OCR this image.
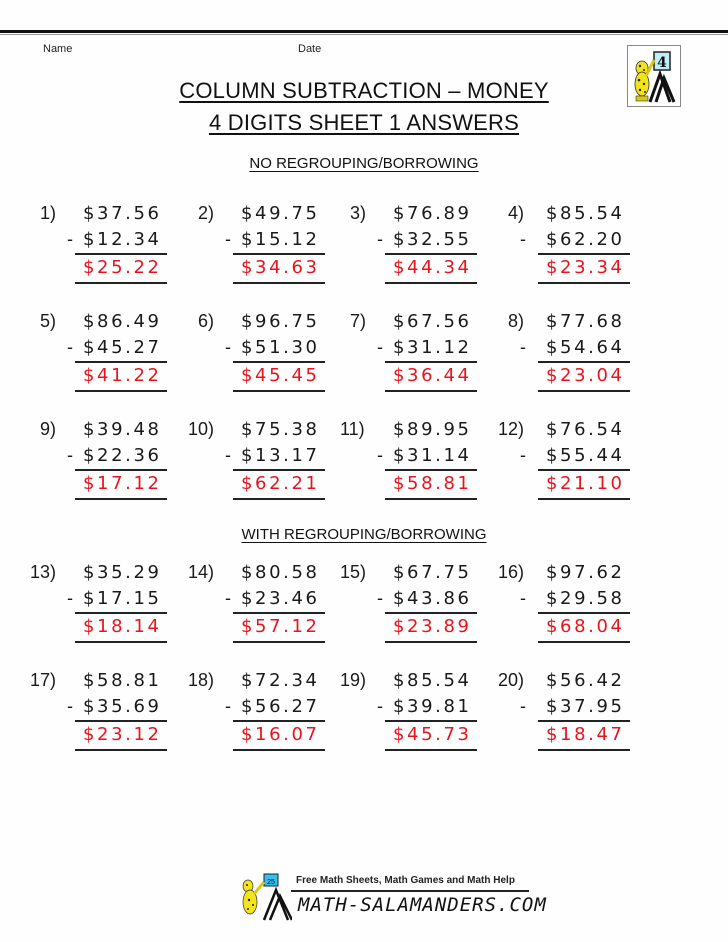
Name	Date
4
COLUMN SUBTRACTION – MONEY
4 DIGITS SHEET 1 ANSWERS
NO REGROUPING/BORROWING
WITH REGROUPING/BORROWING
1) $37.56
- $12.34
$25.22
2) $49.75
- $15.12
$34.63
3) $76.89
- $32.55
$44.34
4) $85.54
- $62.20
$23.34
5) $86.49
- $45.27
$41.22
6) $96.75
- $51.30
$45.45
7) $67.56
- $31.12
$36.44
8) $77.68
- $54.64
$23.04
9) $39.48
- $22.36
$17.12
10) $75.38
- $13.17
$62.21
11) $89.95
- $31.14
$58.81
12) $76.54
- $55.44
$21.10
13) $35.29
- $17.15
$18.14
14) $80.58
- $23.46
$57.12
15) $67.75
- $43.86
$23.89
16) $97.62
- $29.58
$68.04
17) $58.81
- $35.69
$23.12
18) $72.34
- $56.27
$16.07
19) $85.54
- $39.81
$45.73
20) $56.42
- $37.95
$18.47
25 Free Math Sheets, Math Games and Math Help
MATH-SALAMANDERS.COM
